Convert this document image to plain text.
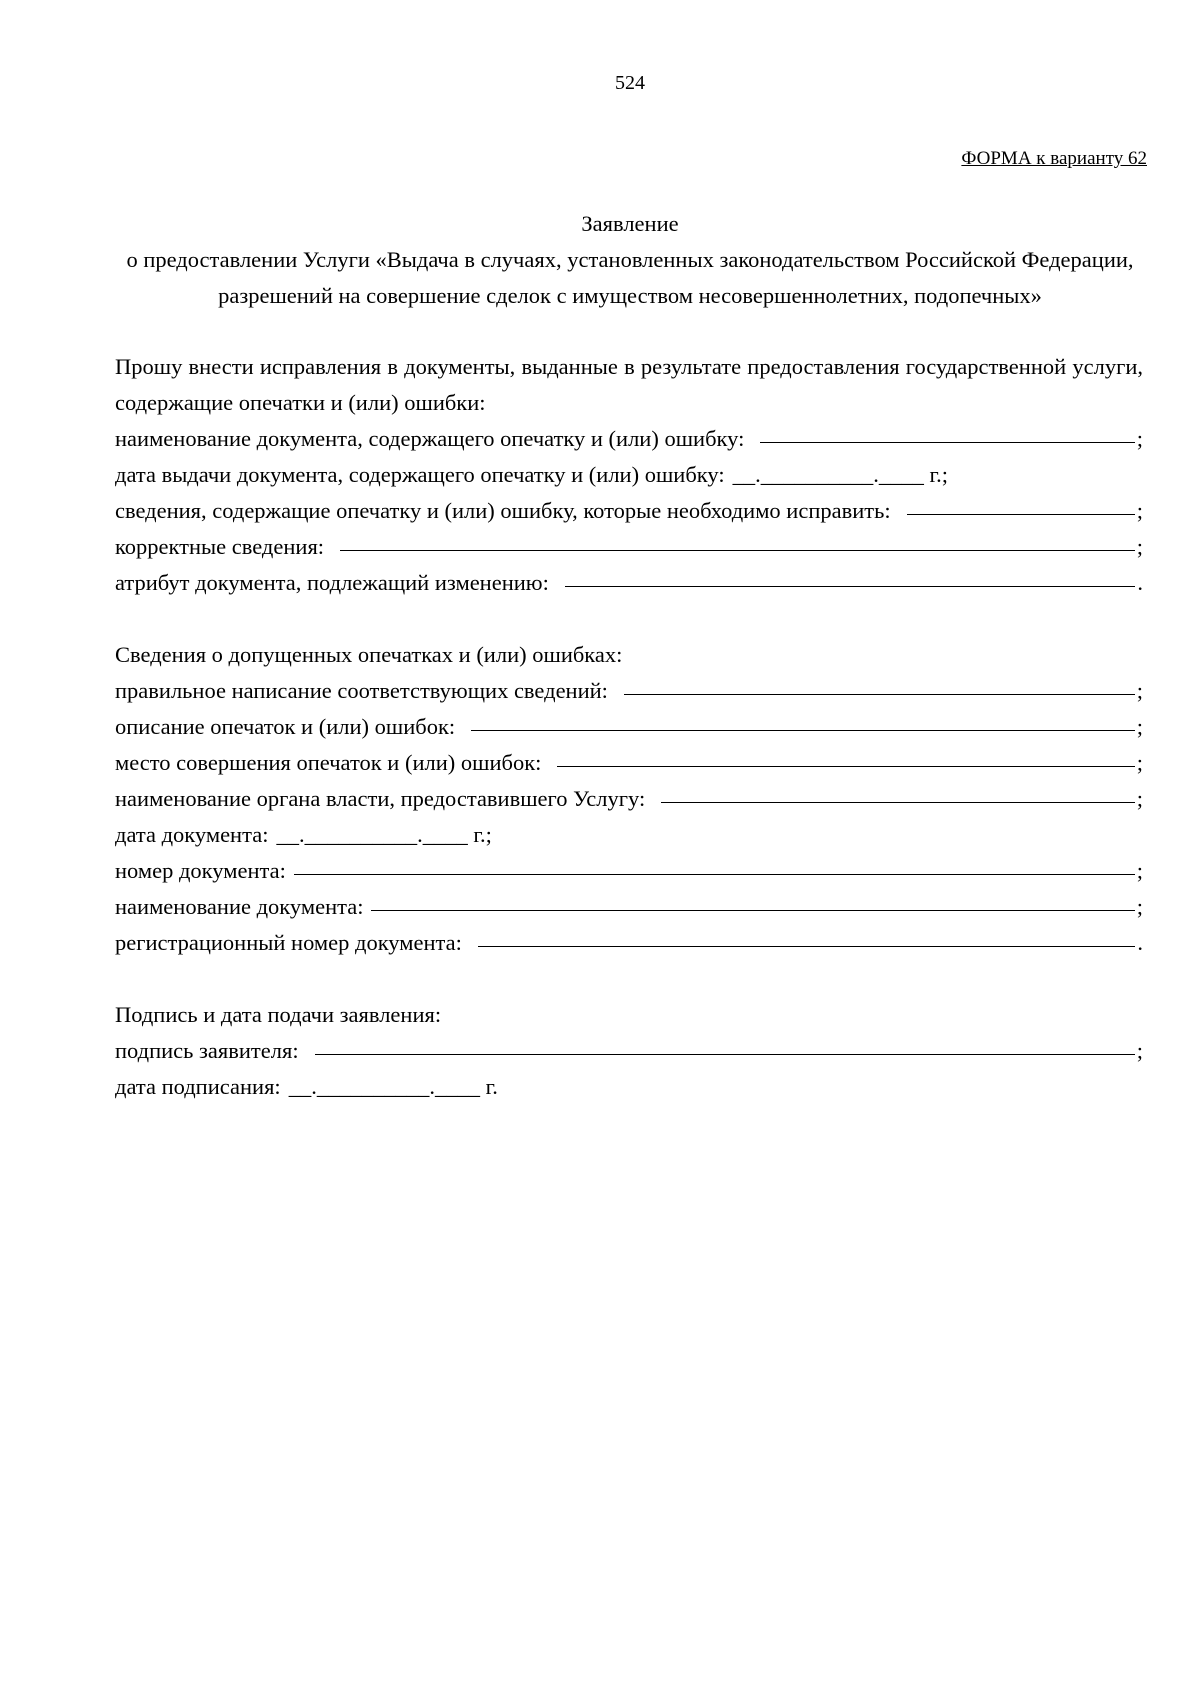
524
ФОРМА к варианту 62
Заявление
о предоставлении Услуги «Выдача в случаях, установленных законодательством Российской Федерации, разрешений на совершение сделок с имуществом несовершеннолетних, подопечных»
Прошу внести исправления в документы, выданные в результате предоставления государственной услуги, содержащие опечатки и (или) ошибки:
наименование документа, содержащего опечатку и (или) ошибку:	;
дата выдачи документа, содержащего опечатку и (или) ошибку: __.__________.____ г.;
сведения, содержащие опечатку и (или) ошибку, которые необходимо исправить:	;
корректные сведения:	;
атрибут документа, подлежащий изменению:	.
Сведения о допущенных опечатках и (или) ошибках:
правильное написание соответствующих сведений:	;
описание опечаток и (или) ошибок:	;
место совершения опечаток и (или) ошибок:	;
наименование органа власти, предоставившего Услугу:	;
дата документа: __.__________.____ г.;
номер документа:	;
наименование документа:	;
регистрационный номер документа:	.
Подпись и дата подачи заявления:
подпись заявителя:	;
дата подписания: __.__________.____ г.
